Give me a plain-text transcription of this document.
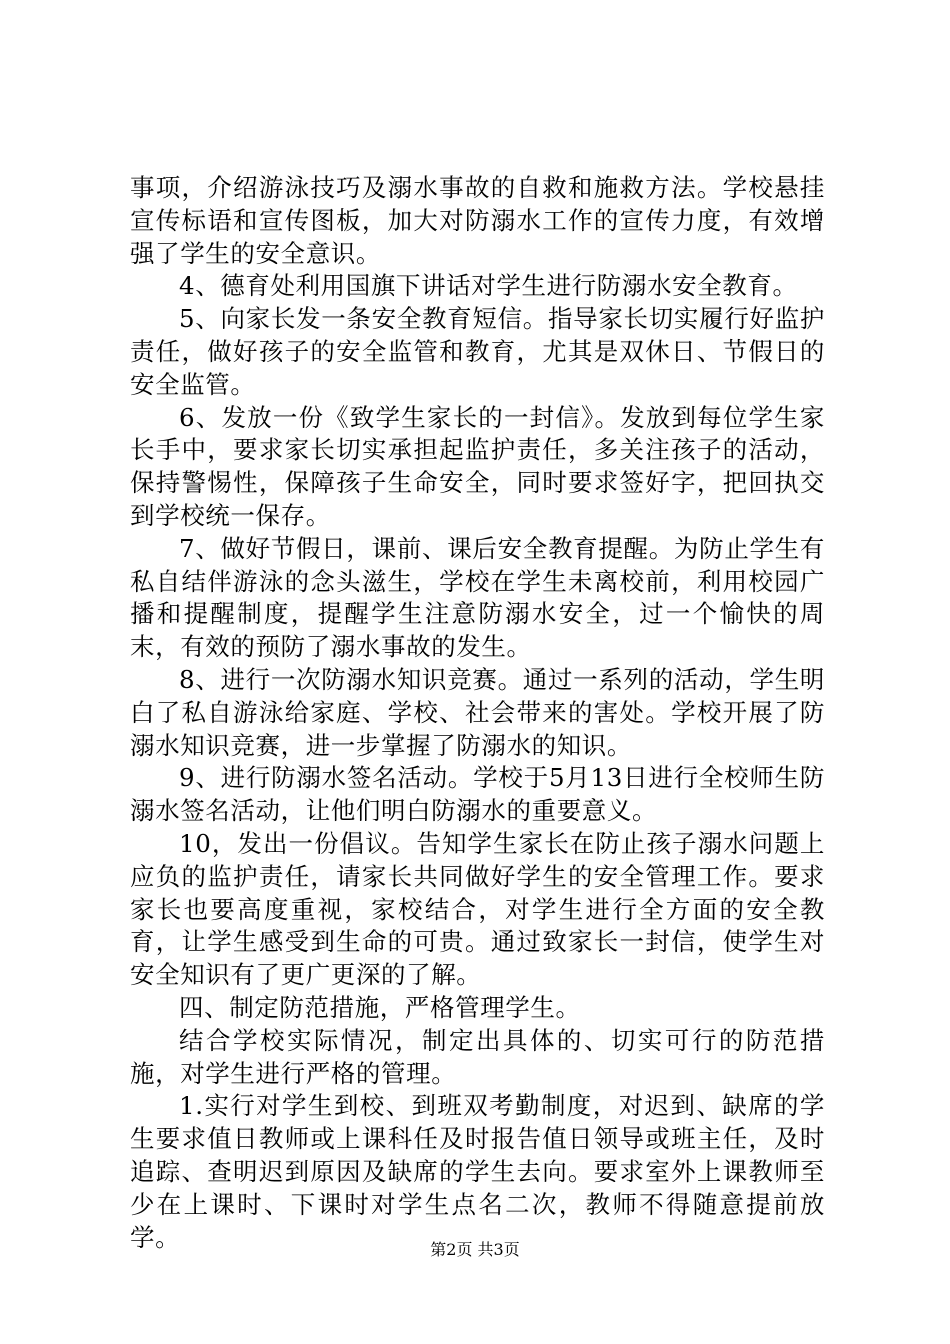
事项，介绍游泳技巧及溺水事故的自救和施救方法。学校悬挂宣传标语和宣传图板，加大对防溺水工作的宣传力度，有效增强了学生的安全意识。

4、德育处利用国旗下讲话对学生进行防溺水安全教育。

5、向家长发一条安全教育短信。指导家长切实履行好监护责任，做好孩子的安全监管和教育，尤其是双休日、节假日的安全监管。

6、发放一份《致学生家长的一封信》。发放到每位学生家长手中，要求家长切实承担起监护责任，多关注孩子的活动，保持警惕性，保障孩子生命安全，同时要求签好字，把回执交到学校统一保存。

7、做好节假日，课前、课后安全教育提醒。为防止学生有私自结伴游泳的念头滋生，学校在学生未离校前，利用校园广播和提醒制度，提醒学生注意防溺水安全，过一个愉快的周末，有效的预防了溺水事故的发生。

8、进行一次防溺水知识竞赛。通过一系列的活动，学生明白了私自游泳给家庭、学校、社会带来的害处。学校开展了防溺水知识竞赛，进一步掌握了防溺水的知识。

9、进行防溺水签名活动。学校于5月13日进行全校师生防溺水签名活动，让他们明白防溺水的重要意义。

10，发出一份倡议。告知学生家长在防止孩子溺水问题上应负的监护责任，请家长共同做好学生的安全管理工作。要求家长也要高度重视，家校结合，对学生进行全方面的安全教育，让学生感受到生命的可贵。通过致家长一封信，使学生对安全知识有了更广更深的了解。

四、制定防范措施，严格管理学生。

结合学校实际情况，制定出具体的、切实可行的防范措施，对学生进行严格的管理。

1.实行对学生到校、到班双考勤制度，对迟到、缺席的学生要求值日教师或上课科任及时报告值日领导或班主任，及时追踪、查明迟到原因及缺席的学生去向。要求室外上课教师至少在上课时、下课时对学生点名二次，教师不得随意提前放学。	第2页 共3页
